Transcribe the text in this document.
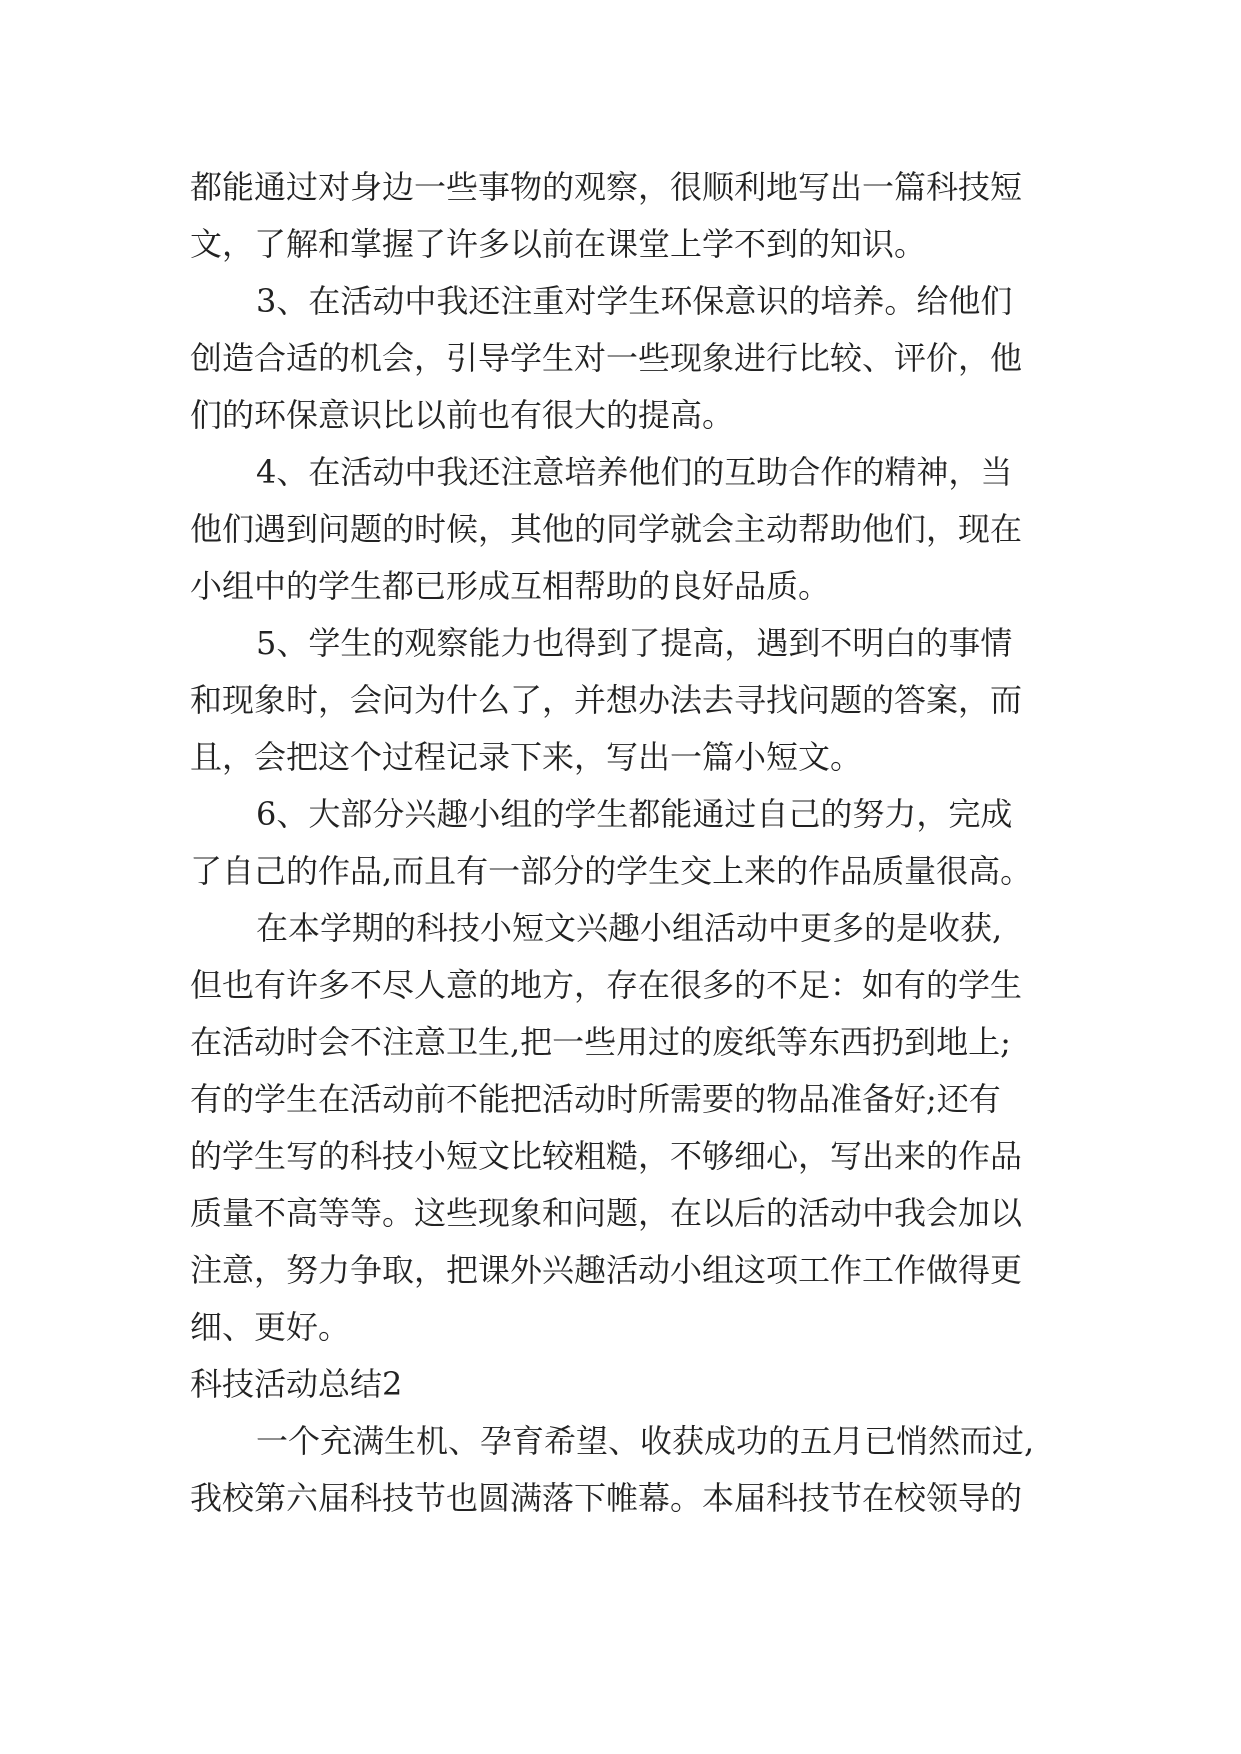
都能通过对身边一些事物的观察，很顺利地写出一篇科技短
文，了解和掌握了许多以前在课堂上学不到的知识。
3、在活动中我还注重对学生环保意识的培养。给他们
创造合适的机会，引导学生对一些现象进行比较、评价，他
们的环保意识比以前也有很大的提高。
4、在活动中我还注意培养他们的互助合作的精神，当
他们遇到问题的时候，其他的同学就会主动帮助他们，现在
小组中的学生都已形成互相帮助的良好品质。
5、学生的观察能力也得到了提高，遇到不明白的事情
和现象时，会问为什么了，并想办法去寻找问题的答案，而
且，会把这个过程记录下来，写出一篇小短文。
6、大部分兴趣小组的学生都能通过自己的努力，完成
了自己的作品,而且有一部分的学生交上来的作品质量很高。
在本学期的科技小短文兴趣小组活动中更多的是收获,
但也有许多不尽人意的地方，存在很多的不足：如有的学生
在活动时会不注意卫生,把一些用过的废纸等东西扔到地上;
有的学生在活动前不能把活动时所需要的物品准备好;还有
的学生写的科技小短文比较粗糙，不够细心，写出来的作品
质量不高等等。这些现象和问题，在以后的活动中我会加以
注意，努力争取，把课外兴趣活动小组这项工作工作做得更
细、更好。
科技活动总结2
一个充满生机、孕育希望、收获成功的五月已悄然而过,
我校第六届科技节也圆满落下帷幕。本届科技节在校领导的
